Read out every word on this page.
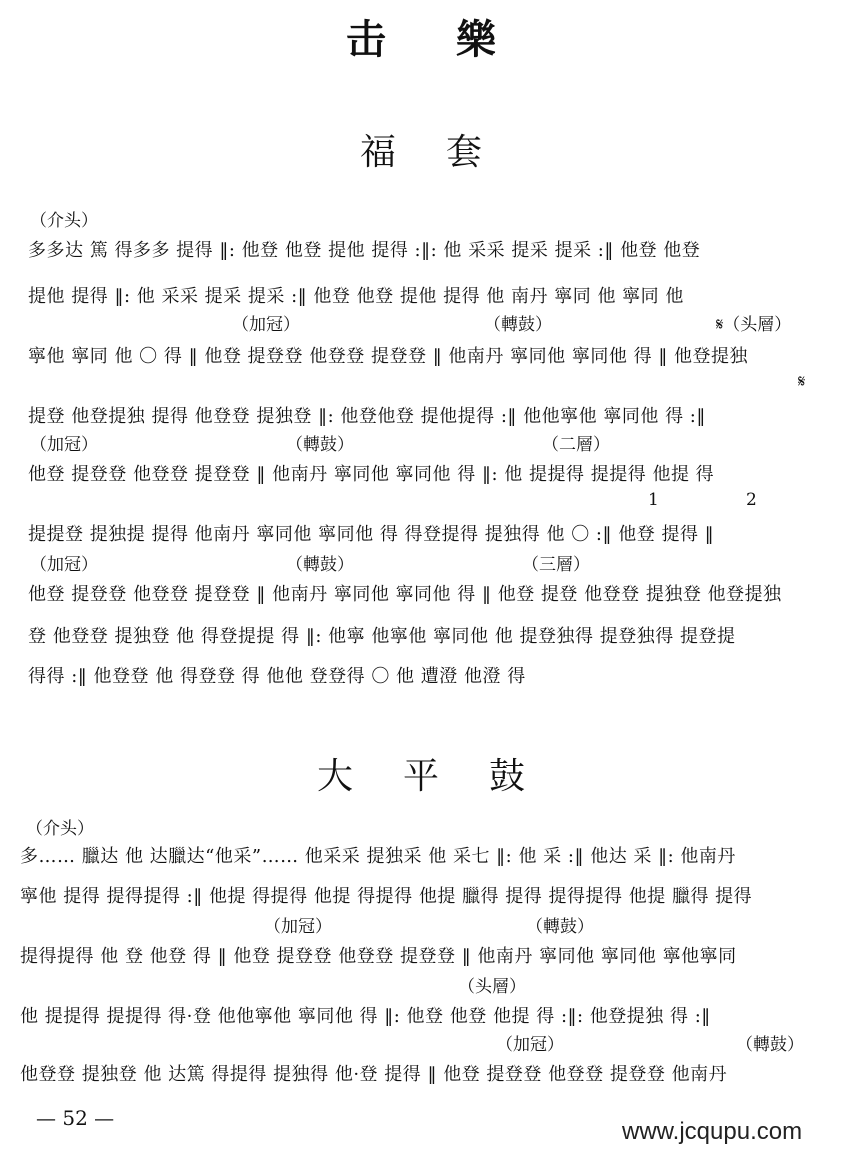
击樂
福套
（介头）
多多达 篤 得多多 提得 ‖: 他登 他登 提他 提得 :‖: 他 采采 提采 提采 :‖ 他登 他登
提他 提得 ‖: 他 采采 提采 提采 :‖ 他登 他登 提他 提得 他 南丹 寧同 他 寧同 他
（加冠）	（轉鼓）	𝄋（头層）
寧他 寧同 他 〇 得 ‖ 他登 提登登 他登登 提登登 ‖ 他南丹 寧同他 寧同他 得 ‖ 他登提独
𝄋
提登 他登提独 提得 他登登 提独登 ‖: 他登他登 提他提得 :‖ 他他寧他 寧同他 得 :‖
（加冠）	（轉鼓）	（二層）
他登 提登登 他登登 提登登 ‖ 他南丹 寧同他 寧同他 得 ‖: 他 提提得 提提得 他提 得
1	2
提提登 提独提 提得 他南丹 寧同他 寧同他 得 得登提得 提独得 他 〇 :‖ 他登 提得 ‖
（加冠）	（轉鼓）	（三層）
他登 提登登 他登登 提登登 ‖ 他南丹 寧同他 寧同他 得 ‖ 他登 提登 他登登 提独登 他登提独
登 他登登 提独登 他 得登提提 得 ‖: 他寧 他寧他 寧同他 他 提登独得 提登独得 提登提
得得 :‖ 他登登 他 得登登 得 他他 登登得 〇 他 遭澄 他澄 得
大平鼓
（介头）
多…… 臘达 他 达臘达“他采”…… 他采采 提独采 他 采七 ‖: 他 采 :‖ 他达 采 ‖: 他南丹
寧他 提得 提得提得 :‖ 他提 得提得 他提 得提得 他提 臘得 提得 提得提得 他提 臘得 提得
（加冠）	（轉鼓）
提得提得 他 登 他登 得 ‖ 他登 提登登 他登登 提登登 ‖ 他南丹 寧同他 寧同他 寧他寧同
（头層）
他 提提得 提提得 得·登 他他寧他 寧同他 得 ‖: 他登 他登 他提 得 :‖: 他登提独 得 :‖
（加冠）	（轉鼓）
他登登 提独登 他 达篤 得提得 提独得 他·登 提得 ‖ 他登 提登登 他登登 提登登 他南丹
— 52 —	www.jcqupu.com
